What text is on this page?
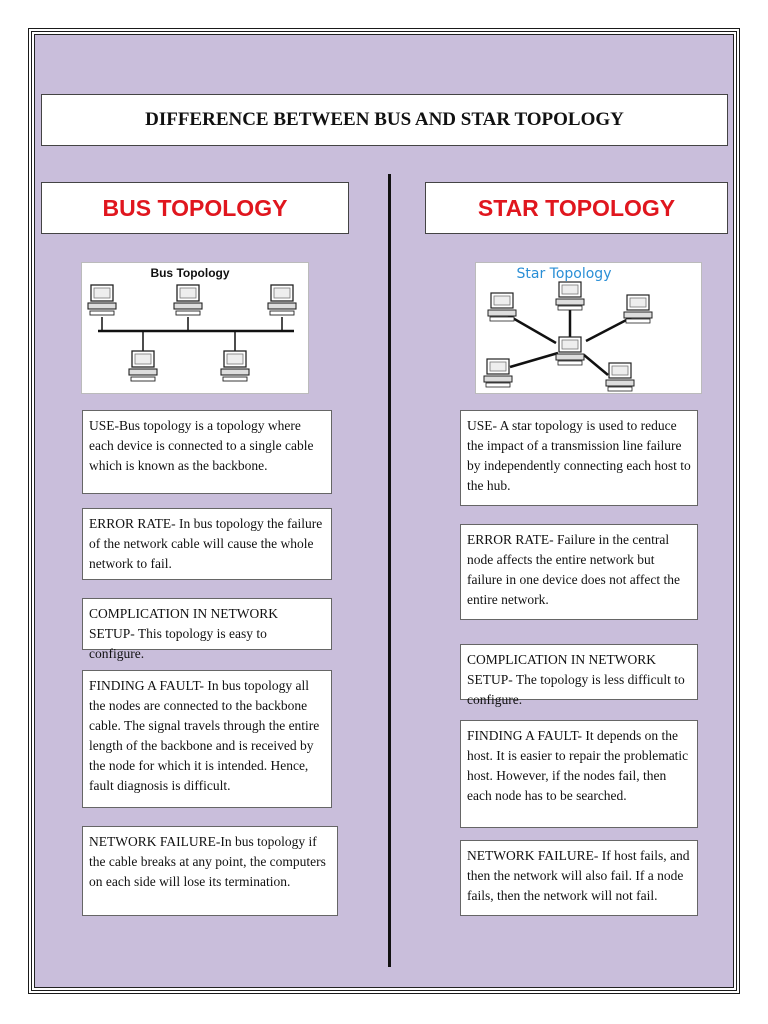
DIFFERENCE BETWEEN BUS AND STAR TOPOLOGY
BUS TOPOLOGY
Bus Topology
USE-Bus topology is a topology where each device is connected to a single cable which is known as the backbone.
ERROR RATE- In bus topology the failure of the network cable will cause the whole network to fail.
COMPLICATION IN NETWORK SETUP- This topology is easy to configure.
FINDING A FAULT- In bus topology all the nodes are connected to the backbone cable. The signal travels through the entire length of the backbone and is received by the node for which it is intended. Hence, fault diagnosis is difficult.
NETWORK FAILURE-In bus topology if the cable breaks at any point, the computers on each side will lose its termination.
STAR TOPOLOGY
Star Topology
USE- A star topology is used to reduce the impact of a transmission line failure by independently connecting each host to the hub.
ERROR RATE- Failure in the central node affects the entire network but failure in one device does not affect the entire network.
COMPLICATION IN NETWORK SETUP- The topology is less difficult to configure.
FINDING A FAULT- It depends on the host. It is easier to repair the problematic host. However, if the nodes fail, then each node has to be searched.
NETWORK FAILURE- If host fails, and then the network will also fail. If a node fails, then the network will not fail.
